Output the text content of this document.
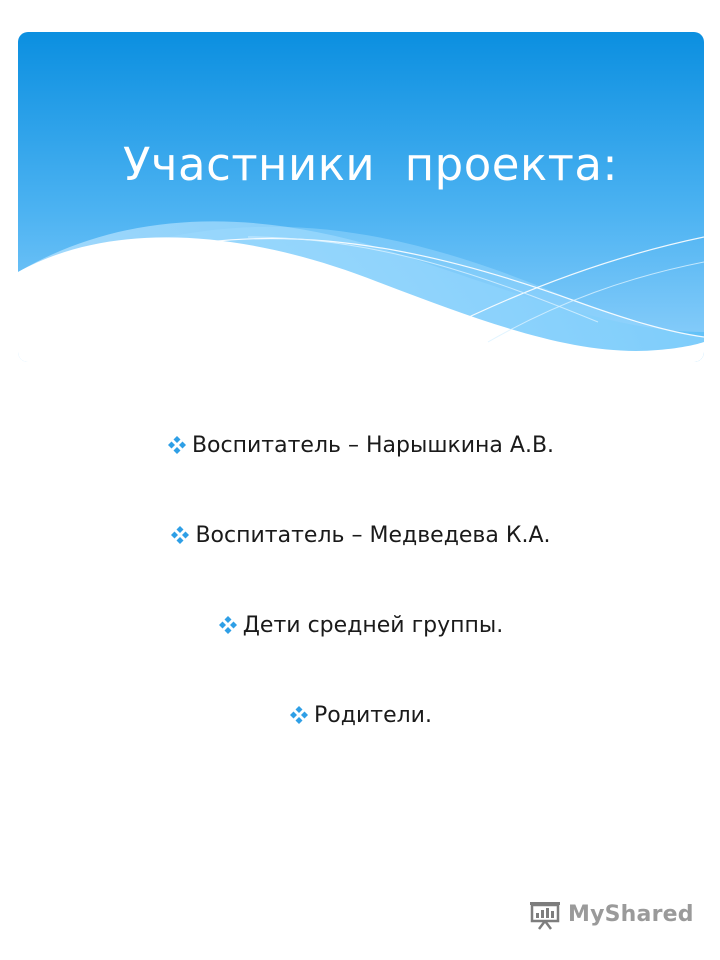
Участники  проекта:
Воспитатель – Нарышкина А.В.
Воспитатель – Медведева К.А.
Дети средней группы.
Родители.
MyShared
